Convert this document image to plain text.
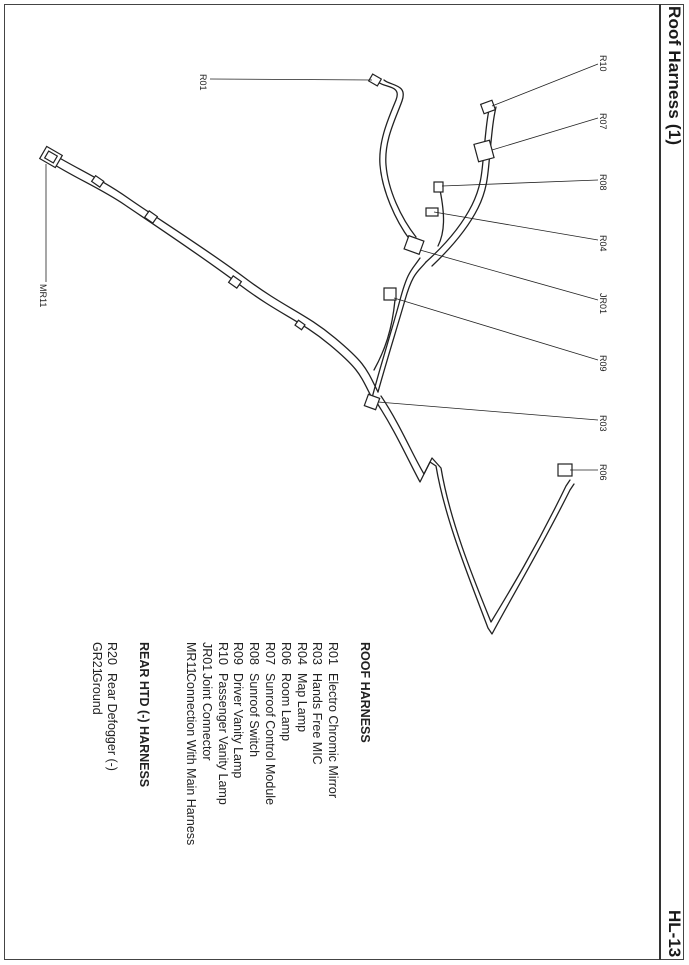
Roof Harness (1)
HL-13
R01
R10
R07
R08
R04
JR01
R09
R03
R06
MR11
ROOF HARNESS
R01
Electro Chromic Mirror
R03
Hands Free MIC
R04
Map Lamp
R06
Room Lamp
R07
Sunroof Control Module
R08
Sunroof Switch
R09
Driver Vanity Lamp
R10
Passenger Vanity Lamp
JR01
Joint Connector
MR11
Connection With Main Harness
REAR HTD (-) HARNESS
R20
Rear Defogger (-)
GR21
Ground
